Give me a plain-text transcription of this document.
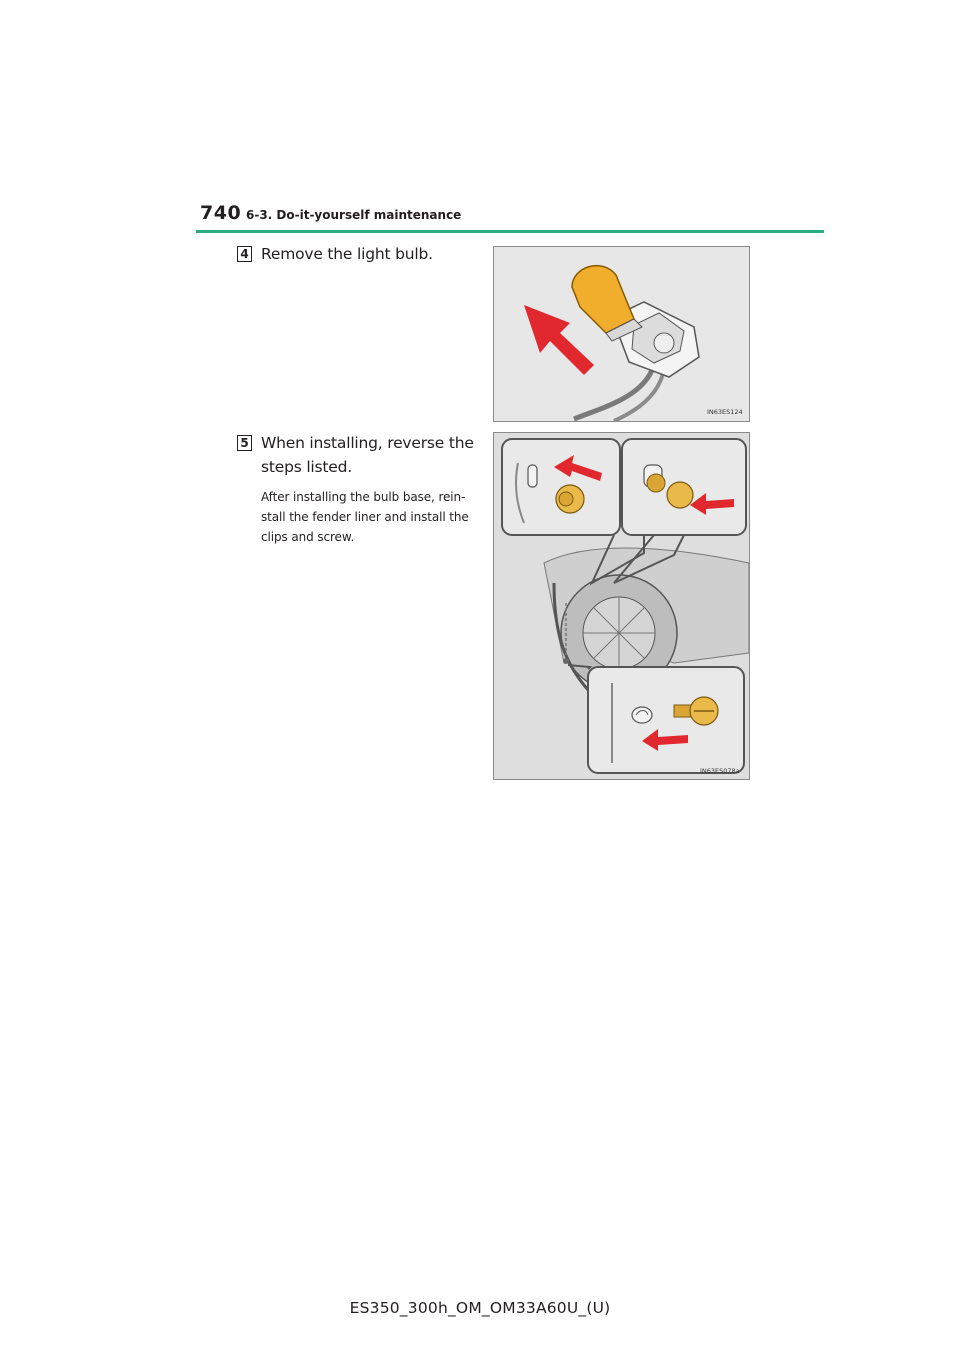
740 6-3. Do-it-yourself maintenance
4 Remove the light bulb.
IN63ES124
5 When installing, reverse the
steps listed.
After installing the bulb base, rein-
stall the fender liner and install the
clips and screw.
IN63ES078a
ES350_300h_OM_OM33A60U_(U)
